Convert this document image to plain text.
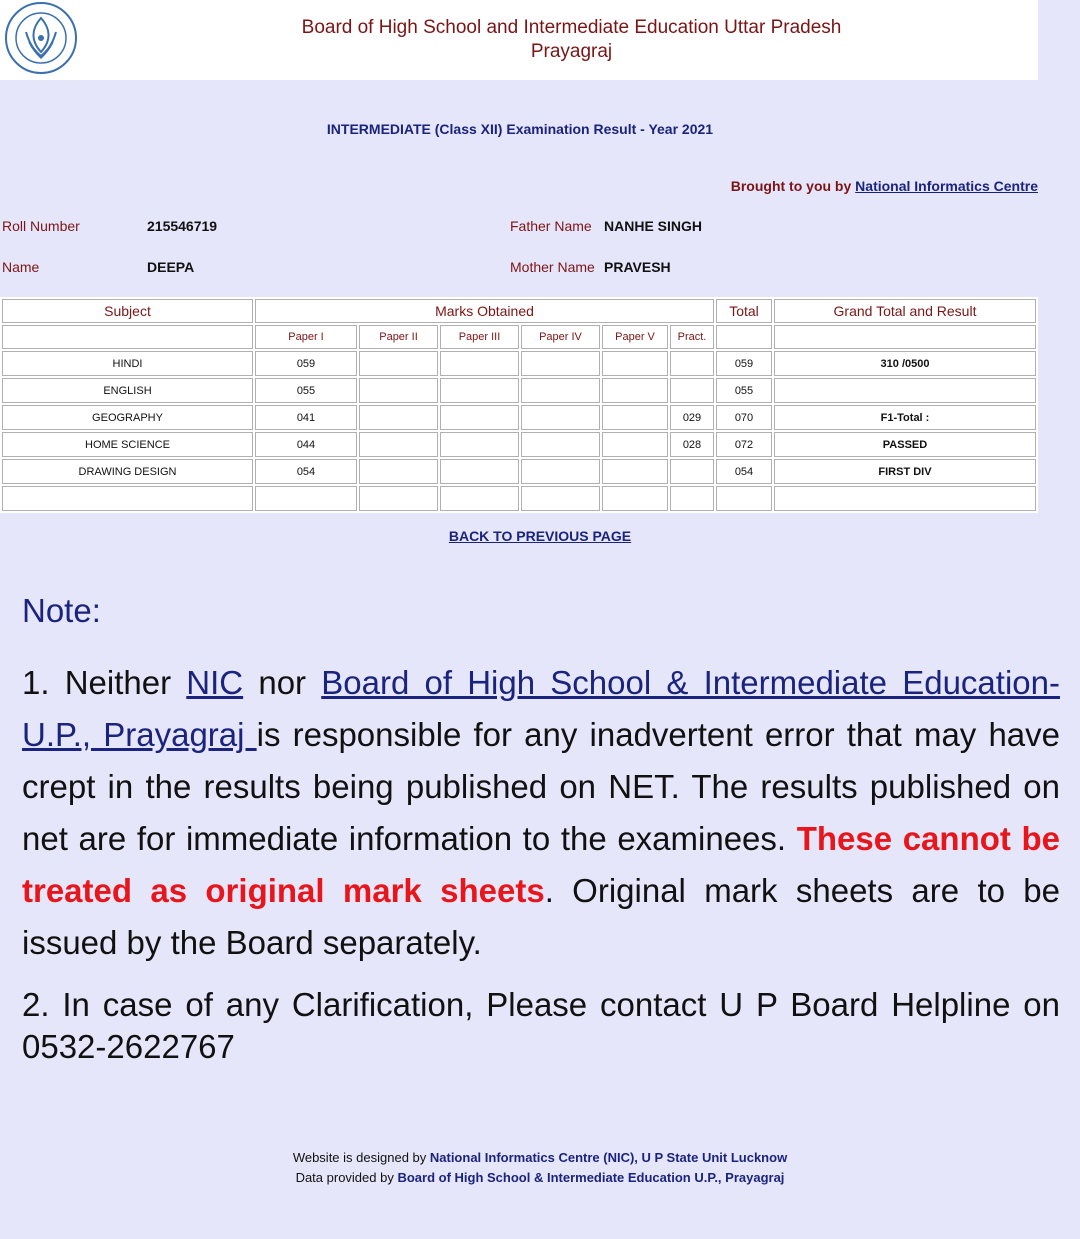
Board of High School and Intermediate Education Uttar Pradesh
Prayagraj
INTERMEDIATE (Class XII) Examination Result - Year 2021
Brought to you by National Informatics Centre
Roll Number	215546719	Father Name NANHE SINGH
Name	DEEPA	Mother Name PRAVESH
Subject	Marks Obtained						Total	Grand Total and Result
	Paper I	Paper II	Paper III	Paper IV	Paper V	Pract.		
HINDI	059						059	310 /0500
ENGLISH	055						055	
GEOGRAPHY	041					029	070	F1-Total :
HOME SCIENCE	044					028	072	PASSED
DRAWING DESIGN	054						054	FIRST DIV

BACK TO PREVIOUS PAGE
Note:
1. Neither NIC nor Board of High School & Intermediate Education-U.P., Prayagraj is responsible for any inadvertent error that may have crept in the results being published on NET. The results published on net are for immediate information to the examinees. These cannot be treated as original mark sheets. Original mark sheets are to be issued by the Board separately.
2. In case of any Clarification, Please contact U P Board Helpline on 0532-2622767
Website is designed by National Informatics Centre (NIC), U P State Unit Lucknow
Data provided by Board of High School & Intermediate Education U.P., Prayagraj
